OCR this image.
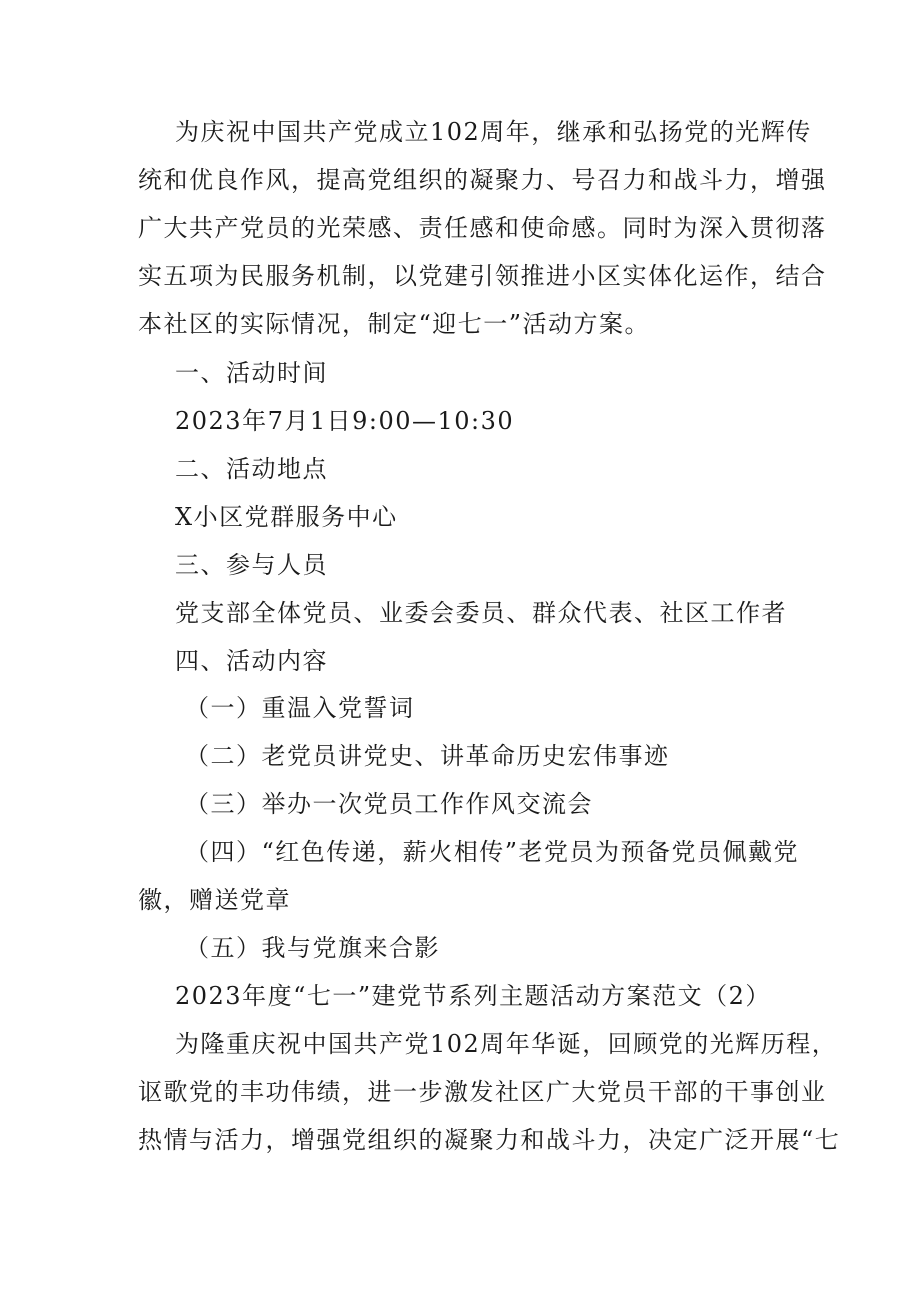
为庆祝中国共产党成立102周年，继承和弘扬党的光辉传
统和优良作风，提高党组织的凝聚力、号召力和战斗力，增强
广大共产党员的光荣感、责任感和使命感。同时为深入贯彻落
实五项为民服务机制，以党建引领推进小区实体化运作，结合
本社区的实际情况，制定“迎七一”活动方案。
一、活动时间
2023年7月1日9:00—10:30
二、活动地点
X小区党群服务中心
三、参与人员
党支部全体党员、业委会委员、群众代表、社区工作者
四、活动内容
（一）重温入党誓词
（二）老党员讲党史、讲革命历史宏伟事迹
（三）举办一次党员工作作风交流会
（四）“红色传递，薪火相传”老党员为预备党员佩戴党
徽，赠送党章
（五）我与党旗来合影
2023年度“七一”建党节系列主题活动方案范文（2）
为隆重庆祝中国共产党102周年华诞，回顾党的光辉历程，
讴歌党的丰功伟绩，进一步激发社区广大党员干部的干事创业
热情与活力，增强党组织的凝聚力和战斗力，决定广泛开展“七
